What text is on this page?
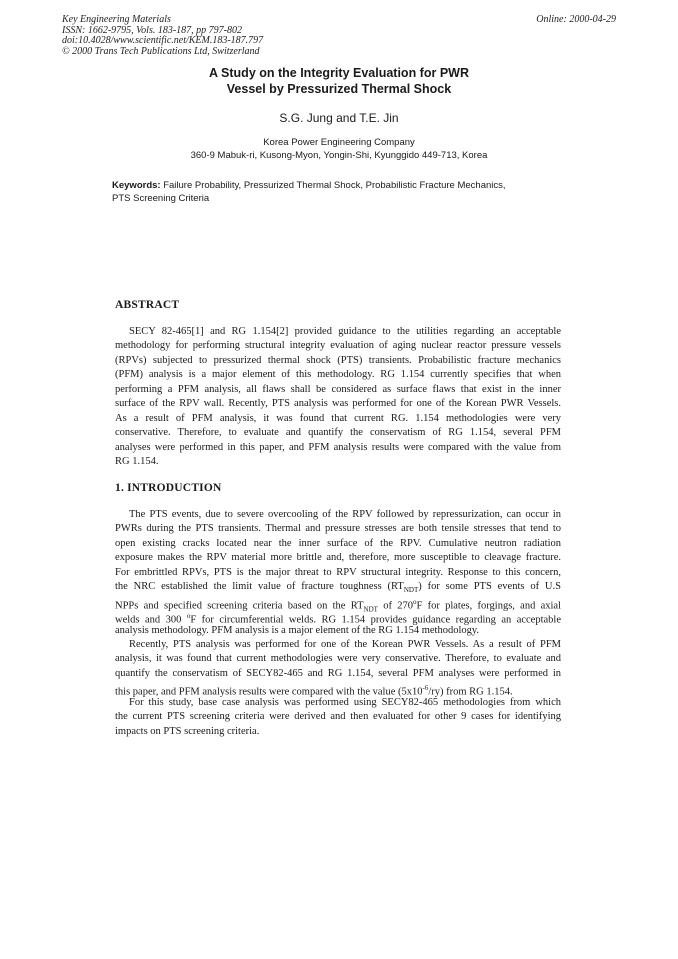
Key Engineering Materials
ISSN: 1662-9795, Vols. 183-187, pp 797-802
doi:10.4028/www.scientific.net/KEM.183-187.797
© 2000 Trans Tech Publications Ltd, Switzerland
Online: 2000-04-29
A Study on the Integrity Evaluation for PWR
Vessel by Pressurized Thermal Shock
S.G. Jung and T.E. Jin
Korea Power Engineering Company
360-9 Mabuk-ri, Kusong-Myon, Yongin-Shi, Kyunggido 449-713, Korea
Keywords: Failure Probability, Pressurized Thermal Shock, Probabilistic Fracture Mechanics,
PTS Screening Criteria
ABSTRACT
SECY 82-465[1] and RG 1.154[2] provided guidance to the utilities regarding an acceptable
methodology for performing structural integrity evaluation of aging nuclear reactor pressure vessels
(RPVs) subjected to pressurized thermal shock (PTS) transients. Probabilistic fracture mechanics
(PFM) analysis is a major element of this methodology. RG 1.154 currently specifies that when
performing a PFM analysis, all flaws shall be considered as surface flaws that exist in the inner
surface of the RPV wall. Recently, PTS analysis was performed for one of the Korean PWR Vessels.
As a result of PFM analysis, it was found that current RG. 1.154 methodologies were very
conservative. Therefore, to evaluate and quantify the conservatism of RG 1.154, several PFM
analyses were performed in this paper, and PFM analysis results were compared with the value from
RG 1.154.
1. INTRODUCTION
The PTS events, due to severe overcooling of the RPV followed by repressurization, can occur in
PWRs during the PTS transients. Thermal and pressure stresses are both tensile stresses that tend to
open existing cracks located near the inner surface of the RPV. Cumulative neutron radiation
exposure makes the RPV material more brittle and, therefore, more susceptible to cleavage fracture.
For embrittled RPVs, PTS is the major threat to RPV structural integrity. Response to this concern,
the NRC established the limit value of fracture toughness $(RT_{NDT})$ for some PTS events of U.S
NPPs and specified screening criteria based on the $RT_{NDT}$ of 270$^o$F for plates, forgings, and axial
welds and 300 $^o$F for circumferential welds. RG 1.154 provides guidance regarding an acceptable
analysis methodology. PFM analysis is a major element of the RG 1.154 methodology.
Recently, PTS analysis was performed for one of the Korean PWR Vessels. As a result of PFM
analysis, it was found that current methodologies were very conservative. Therefore, to evaluate and
quantify the conservatism of SECY82-465 and RG 1.154, several PFM analyses were performed in
this paper, and PFM analysis results were compared with the value $(5x10^{-6}/ry)$ from RG 1.154.
For this study, base case analysis was performed using SECY82-465 methodologies from which
the current PTS screening criteria were derived and then evaluated for other 9 cases for identifying
impacts on PTS screening criteria.
